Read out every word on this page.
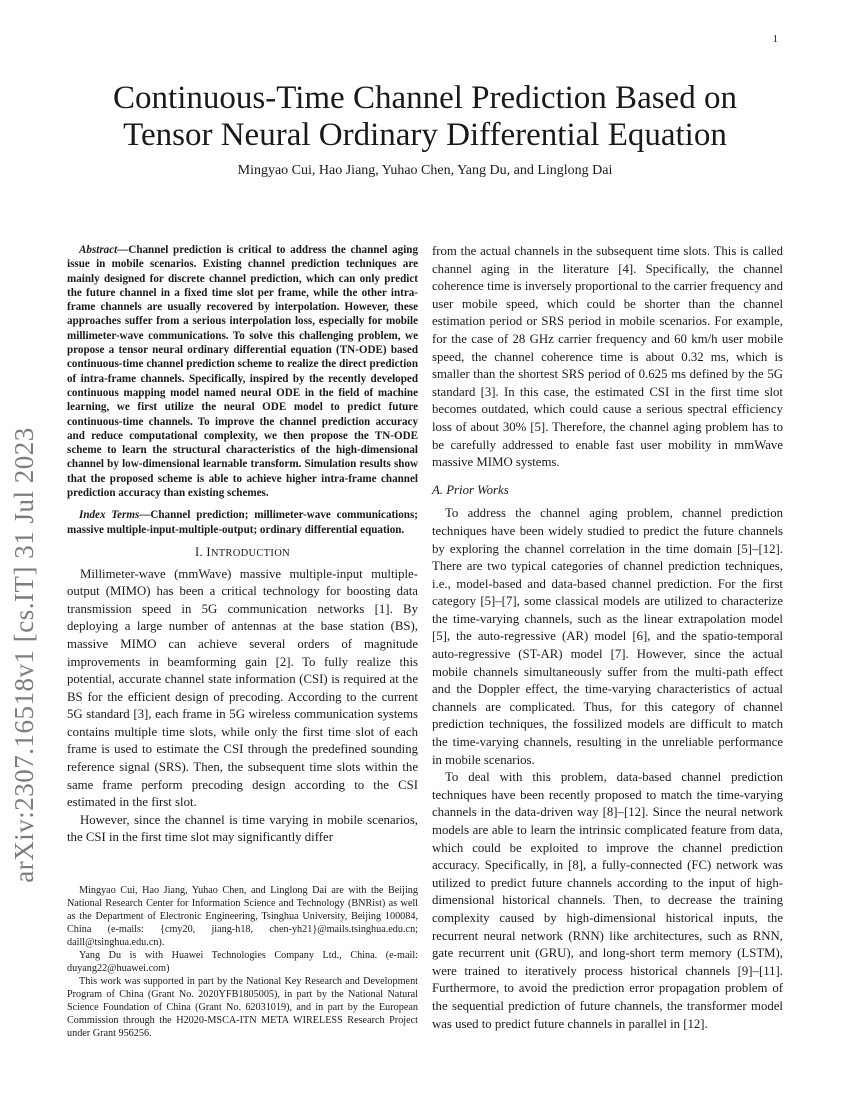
1
arXiv:2307.16518v1 [cs.IT] 31 Jul 2023
Continuous-Time Channel Prediction Based on Tensor Neural Ordinary Differential Equation
Mingyao Cui, Hao Jiang, Yuhao Chen, Yang Du, and Linglong Dai

Abstract—Channel prediction is critical to address the channel aging issue in mobile scenarios. Existing channel prediction techniques are mainly designed for discrete channel prediction, which can only predict the future channel in a fixed time slot per frame, while the other intra-frame channels are usually recovered by interpolation. However, these approaches suffer from a serious interpolation loss, especially for mobile millimeter-wave communications. To solve this challenging problem, we propose a tensor neural ordinary differential equation (TN-ODE) based continuous-time channel prediction scheme to realize the direct prediction of intra-frame channels. Specifically, inspired by the recently developed continuous mapping model named neural ODE in the field of machine learning, we first utilize the neural ODE model to predict future continuous-time channels. To improve the channel prediction accuracy and reduce computational complexity, we then propose the TN-ODE scheme to learn the structural characteristics of the high-dimensional channel by low-dimensional learnable transform. Simulation results show that the proposed scheme is able to achieve higher intra-frame channel prediction accuracy than existing schemes.

Index Terms—Channel prediction; millimeter-wave communications; massive multiple-input-multiple-output; ordinary differential equation.

I. INTRODUCTION

Millimeter-wave (mmWave) massive multiple-input multiple-output (MIMO) has been a critical technology for boosting data transmission speed in 5G communication networks [1]. By deploying a large number of antennas at the base station (BS), massive MIMO can achieve several orders of magnitude improvements in beamforming gain [2]. To fully realize this potential, accurate channel state information (CSI) is required at the BS for the efficient design of precoding. According to the current 5G standard [3], each frame in 5G wireless communication systems contains multiple time slots, while only the first time slot of each frame is used to estimate the CSI through the predefined sounding reference signal (SRS). Then, the subsequent time slots within the same frame perform precoding design according to the CSI estimated in the first slot.

However, since the channel is time varying in mobile scenarios, the CSI in the first time slot may significantly differ

Mingyao Cui, Hao Jiang, Yuhao Chen, and Linglong Dai are with the Beijing National Research Center for Information Science and Technology (BNRist) as well as the Department of Electronic Engineering, Tsinghua University, Beijing 100084, China (e-mails: {cmy20, jiang-h18, chen-yh21}@mails.tsinghua.edu.cn; daill@tsinghua.edu.cn).

Yang Du is with Huawei Technologies Company Ltd., China. (e-mail: duyang22@huawei.com)

This work was supported in part by the National Key Research and Development Program of China (Grant No. 2020YFB1805005), in part by the National Natural Science Foundation of China (Grant No. 62031019), and in part by the European Commission through the H2020-MSCA-ITN META WIRELESS Research Project under Grant 956256.

from the actual channels in the subsequent time slots. This is called channel aging in the literature [4]. Specifically, the channel coherence time is inversely proportional to the carrier frequency and user mobile speed, which could be shorter than the channel estimation period or SRS period in mobile scenarios. For example, for the case of 28 GHz carrier frequency and 60 km/h user mobile speed, the channel coherence time is about 0.32 ms, which is smaller than the shortest SRS period of 0.625 ms defined by the 5G standard [3]. In this case, the estimated CSI in the first time slot becomes outdated, which could cause a serious spectral efficiency loss of about 30% [5]. Therefore, the channel aging problem has to be carefully addressed to enable fast user mobility in mmWave massive MIMO systems.

A. Prior Works

To address the channel aging problem, channel prediction techniques have been widely studied to predict the future channels by exploring the channel correlation in the time domain [5]–[12]. There are two typical categories of channel prediction techniques, i.e., model-based and data-based channel prediction. For the first category [5]–[7], some classical models are utilized to characterize the time-varying channels, such as the linear extrapolation model [5], the auto-regressive (AR) model [6], and the spatio-temporal auto-regressive (ST-AR) model [7]. However, since the actual mobile channels simultaneously suffer from the multi-path effect and the Doppler effect, the time-varying characteristics of actual channels are complicated. Thus, for this category of channel prediction techniques, the fossilized models are difficult to match the time-varying channels, resulting in the unreliable performance in mobile scenarios.

To deal with this problem, data-based channel prediction techniques have been recently proposed to match the time-varying channels in the data-driven way [8]–[12]. Since the neural network models are able to learn the intrinsic complicated feature from data, which could be exploited to improve the channel prediction accuracy. Specifically, in [8], a fully-connected (FC) network was utilized to predict future channels according to the input of high-dimensional historical channels. Then, to decrease the training complexity caused by high-dimensional historical inputs, the recurrent neural network (RNN) like architectures, such as RNN, gate recurrent unit (GRU), and long-short term memory (LSTM), were trained to iteratively process historical channels [9]–[11]. Furthermore, to avoid the prediction error propagation problem of the sequential prediction of future channels, the transformer model was used to predict future channels in parallel in [12].
